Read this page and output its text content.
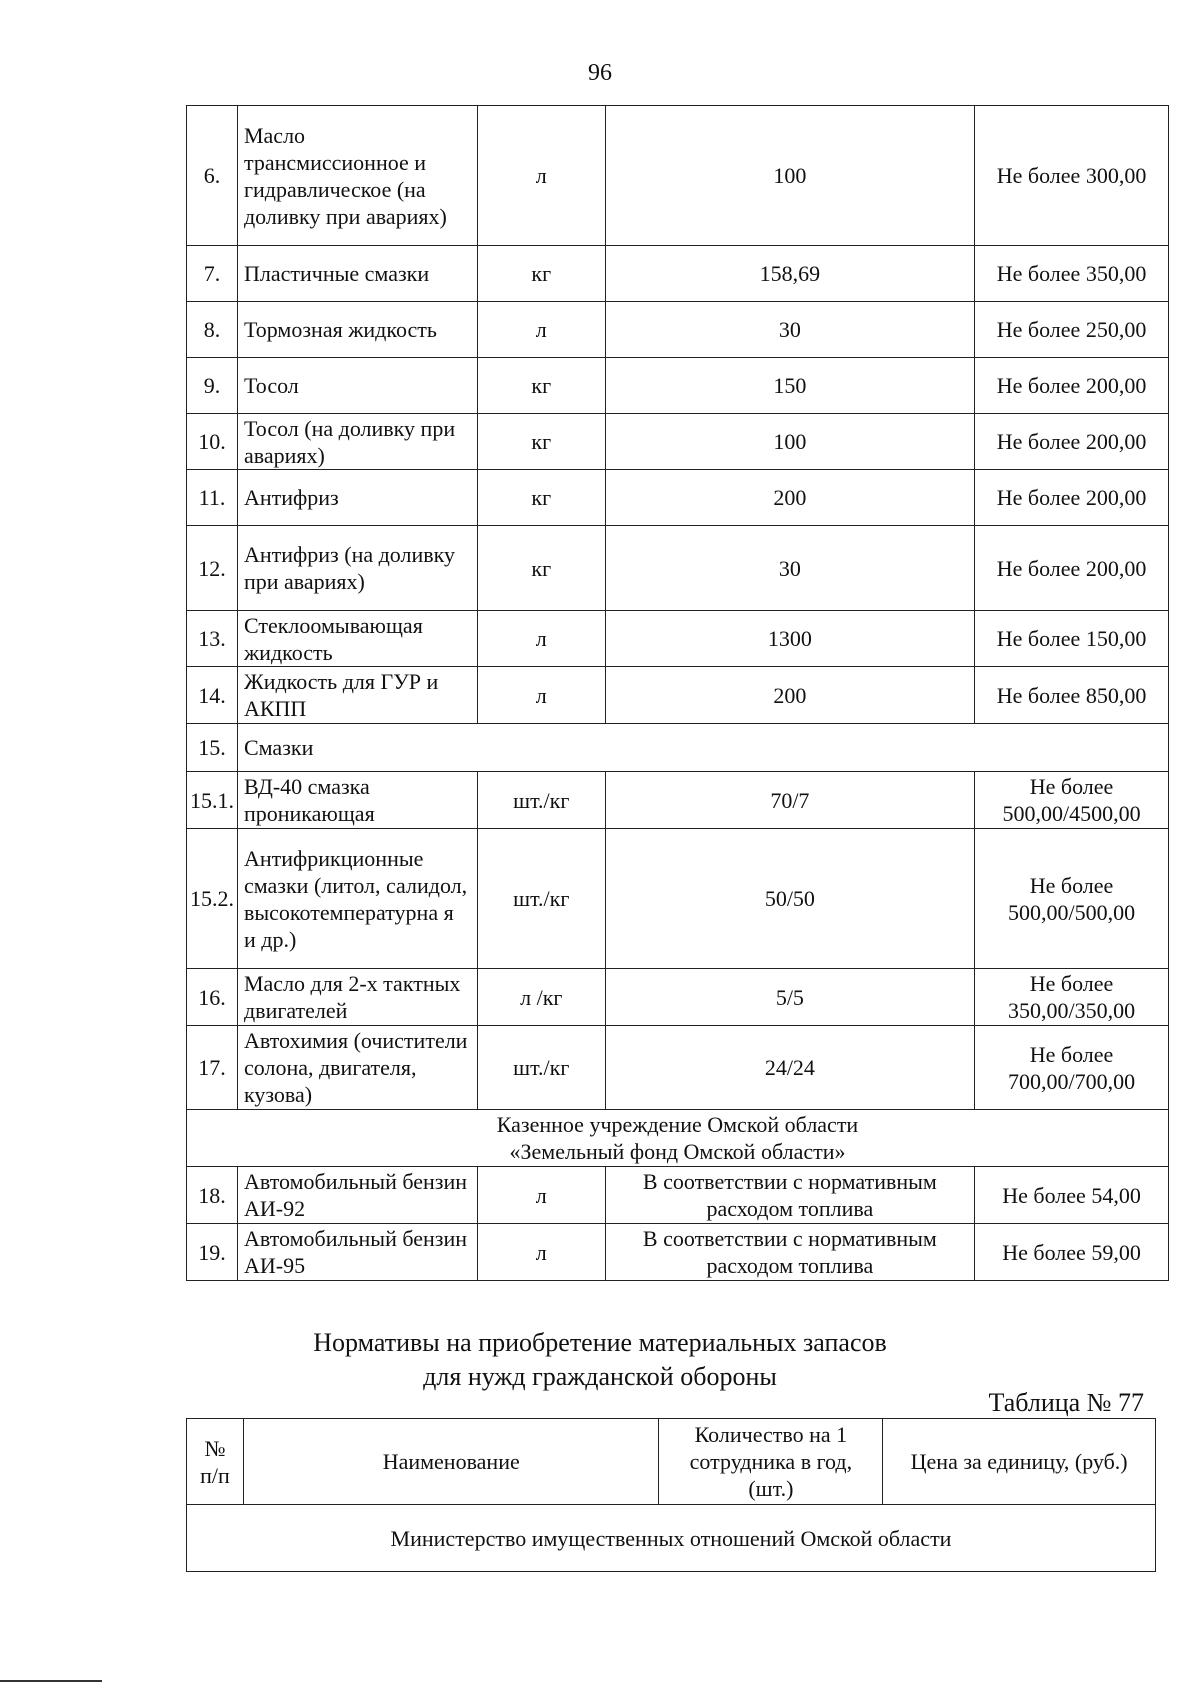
96
6.	Масло трансмиссионное и гидравлическое (на доливку при авариях)	л	100	Не более 300,00
7.	Пластичные смазки	кг	158,69	Не более 350,00
8.	Тормозная жидкость	л	30	Не более 250,00
9.	Тосол	кг	150	Не более 200,00
10.	Тосол (на доливку при авариях)	кг	100	Не более 200,00
11.	Антифриз	кг	200	Не более 200,00
12.	Антифриз (на доливку при авариях)	кг	30	Не более 200,00
13.	Стеклоомывающая жидкость	л	1300	Не более 150,00
14.	Жидкость для ГУР и АКПП	л	200	Не более 850,00
15.	Смазки			
15.1.	ВД-40 смазка проникающая	шт./кг	70/7	Не более 500,00/4500,00
15.2.	Антифрикционные смазки (литол, салидол, высокотемпературна я и др.)	шт./кг	50/50	Не более 500,00/500,00
16.	Масло для 2-х тактных двигателей	л /кг	5/5	Не более 350,00/350,00
17.	Автохимия (очистители солона, двигателя, кузова)	шт./кг	24/24	Не более 700,00/700,00

Казенное учреждение Омской области
«Земельный фонд Омской области»				

18.	Автомобильный бензин АИ-92	л	В соответствии с нормативным расходом топлива	Не более 54,00
19.	Автомобильный бензин АИ-95	л	В соответствии с нормативным расходом топлива	Не более 59,00
Нормативы на приобретение материальных запасов
для нужд гражданской обороны
Таблица № 77
№ п/п	Наименование	Количество на 1 сотрудника в год, (шт.)	Цена за единицу, (руб.)
Министерство имущественных отношений Омской области
